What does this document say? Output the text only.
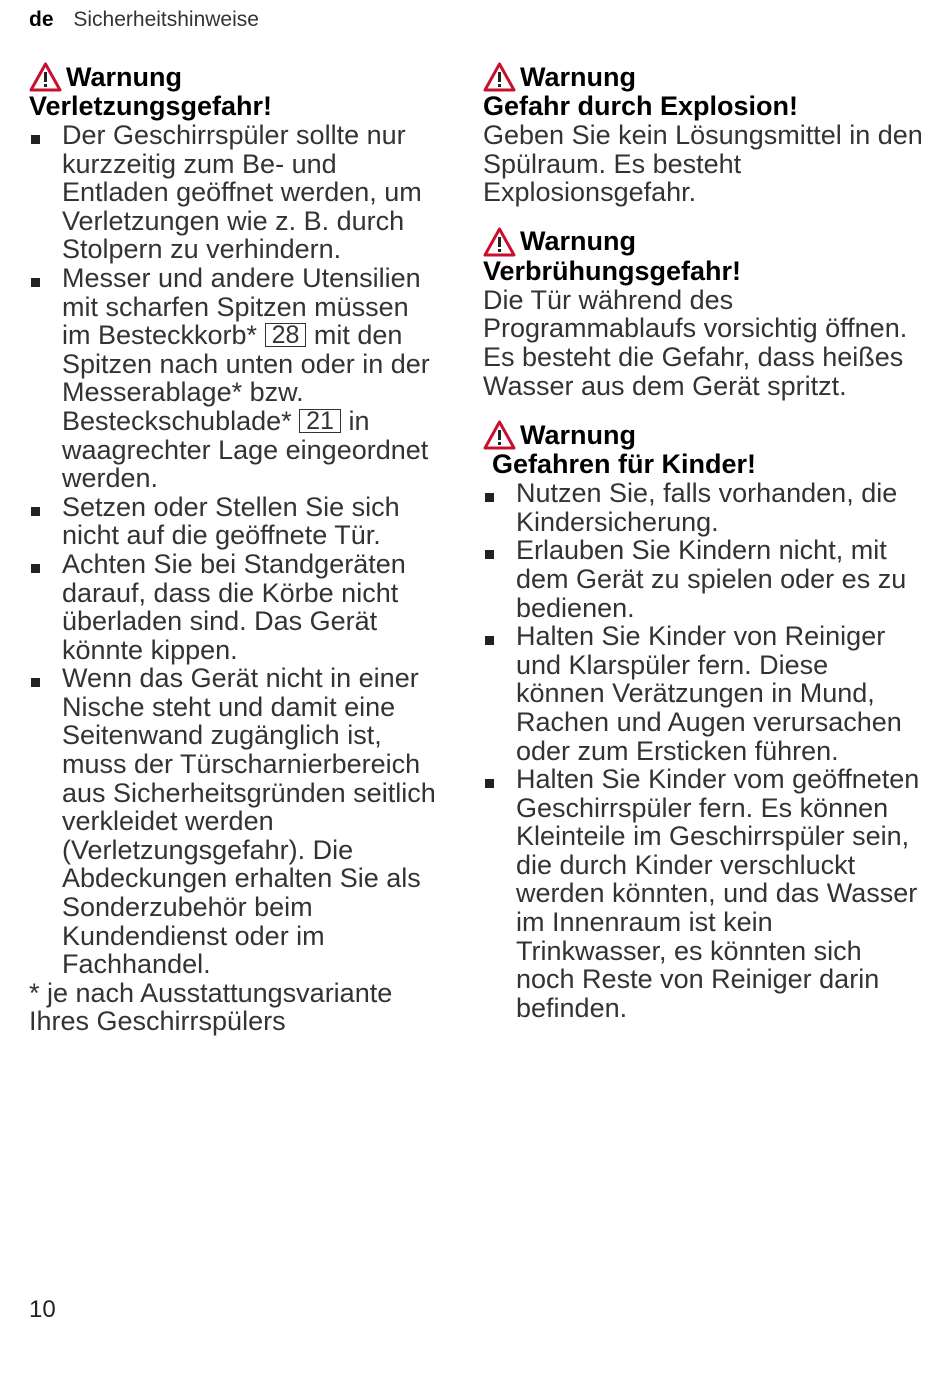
de Sicherheitshinweise
Warnung
Verletzungsgefahr!
Der Geschirrspüler sollte nur kurzzeitig zum Be- und Entladen geöffnet werden, um Verletzungen wie z. B. durch Stolpern zu verhindern.
Messer und andere Utensilien mit scharfen Spitzen müssen im Besteckkorb* 28 mit den Spitzen nach unten oder in der Messerablage* bzw. Besteckschublade* 21 in waagrechter Lage eingeordnet werden.
Setzen oder Stellen Sie sich nicht auf die geöffnete Tür.
Achten Sie bei Standgeräten darauf, dass die Körbe nicht überladen sind. Das Gerät könnte kippen.
Wenn das Gerät nicht in einer Nische steht und damit eine Seitenwand zugänglich ist, muss der Türscharnierbereich aus Sicherheitsgründen seitlich verkleidet werden (Verletzungsgefahr). Die Abdeckungen erhalten Sie als Sonderzubehör beim Kundendienst oder im Fachhandel.
* je nach Ausstattungsvariante Ihres Geschirrspülers
Warnung
Gefahr durch Explosion!
Geben Sie kein Lösungsmittel in den Spülraum. Es besteht Explosionsgefahr.
Warnung
Verbrühungsgefahr!
Die Tür während des Programmablaufs vorsichtig öffnen. Es besteht die Gefahr, dass heißes Wasser aus dem Gerät spritzt.
Warnung
Gefahren für Kinder!
Nutzen Sie, falls vorhanden, die Kindersicherung.
Erlauben Sie Kindern nicht, mit dem Gerät zu spielen oder es zu bedienen.
Halten Sie Kinder von Reiniger und Klarspüler fern. Diese können Verätzungen in Mund, Rachen und Augen verursachen oder zum Ersticken führen.
Halten Sie Kinder vom geöffneten Geschirrspüler fern. Es können Kleinteile im Geschirrspüler sein, die durch Kinder verschluckt werden könnten, und das Wasser im Innenraum ist kein Trinkwasser, es könnten sich noch Reste von Reiniger darin befinden.
10
